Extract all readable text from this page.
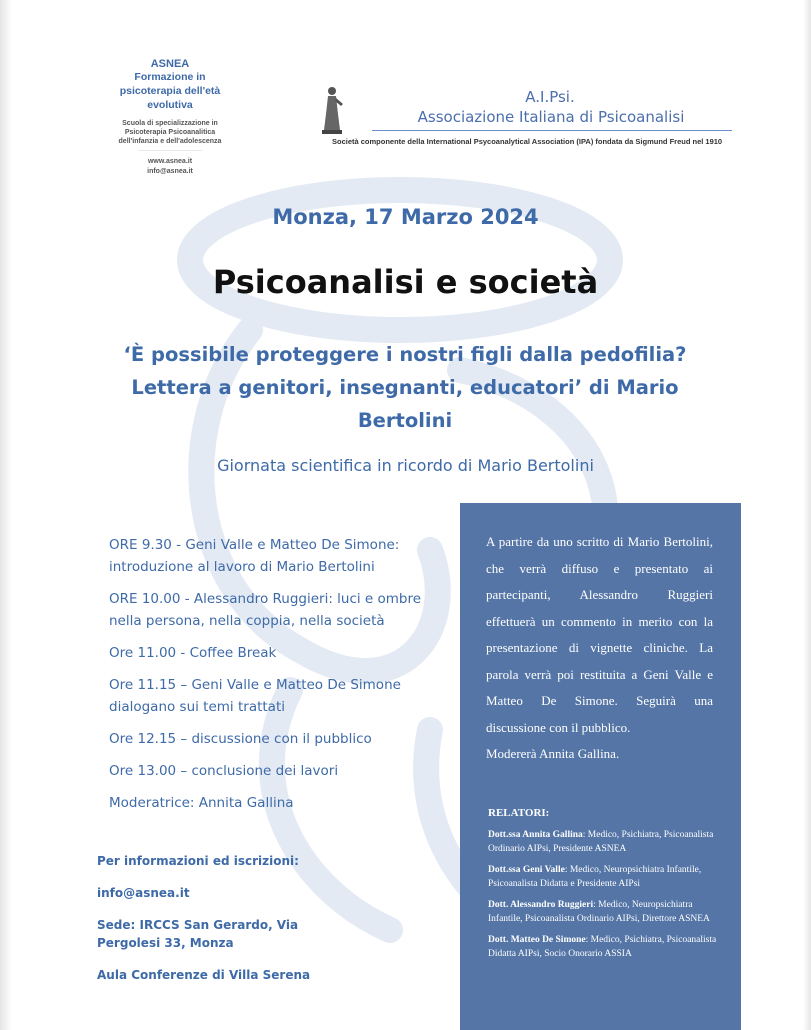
ASNEA
Formazione in
psicoterapia dell'età
evolutiva
Scuola di specializzazione in
Psicoterapia Psicoanalitica
dell'infanzia e dell'adolescenza
————————————————
www.asnea.it
info@asnea.it
A.I.Psi.
Associazione Italiana di Psicoanalisi
Società componente della International Psycoanalytical Association (IPA) fondata da Sigmund Freud nel 1910
Monza, 17 Marzo 2024
Psicoanalisi e società
‘È possibile proteggere i nostri figli dalla pedofilia?
Lettera a genitori, insegnanti, educatori’ di Mario
Bertolini
Giornata scientifica in ricordo di Mario Bertolini
ORE 9.30 - Geni Valle e Matteo De Simone:
introduzione al lavoro di Mario Bertolini
ORE 10.00 - Alessandro Ruggieri: luci e ombre
nella persona, nella coppia, nella società
Ore 11.00 - Coffee Break
Ore 11.15 – Geni Valle e Matteo De Simone
dialogano sui temi trattati
Ore 12.15 – discussione con il pubblico
Ore 13.00 – conclusione dei lavori
Moderatrice: Annita Gallina
Per informazioni ed iscrizioni:
info@asnea.it
Sede: IRCCS San Gerardo, Via
Pergolesi 33, Monza
Aula Conferenze di Villa Serena
A partire da uno scritto di Mario Bertolini, che verrà diffuso e presentato ai partecipanti, Alessandro Ruggieri effettuerà un commento in merito con la presentazione di vignette cliniche. La parola verrà poi restituita a Geni Valle e Matteo De Simone. Seguirà una discussione con il pubblico.
Modererà Annita Gallina.
RELATORI:
Dott.ssa Annita Gallina: Medico, Psichiatra, Psicoanalista Ordinario AIPsi, Presidente ASNEA
Dott.ssa Geni Valle: Medico, Neuropsichiatra Infantile, Psicoanalista Didatta e Presidente AIPsi
Dott. Alessandro Ruggieri: Medico, Neuropsichiatra Infantile, Psicoanalista Ordinario AIPsi, Direttore ASNEA
Dott. Matteo De Simone: Medico, Psichiatra, Psicoanalista Didatta AIPsi, Socio Onorario ASSIA
